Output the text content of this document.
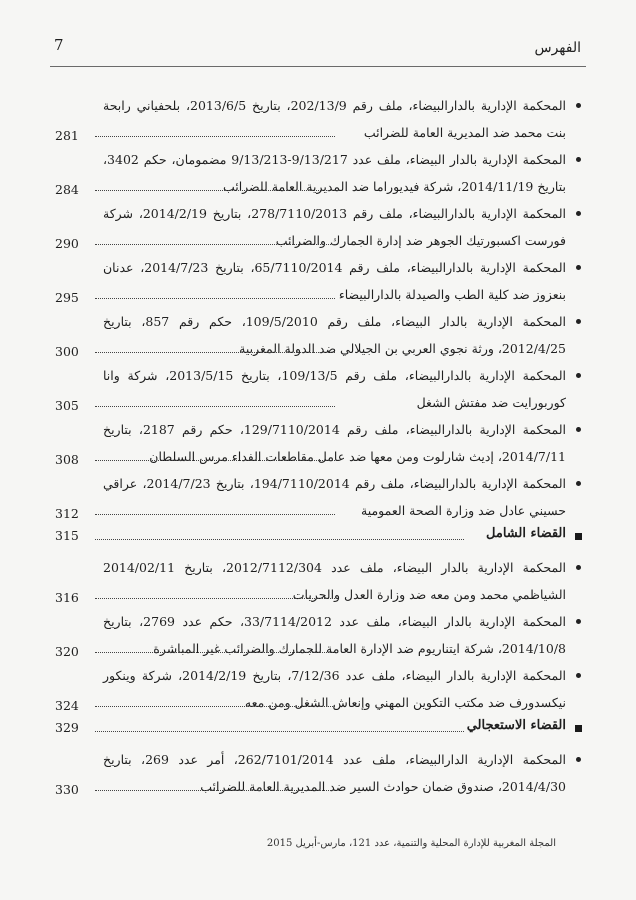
7	الفهرس
المحكمة الإدارية بالدارالبيضاء، ملف رقم 202/13/9، بتاريخ 2013/6/5، بلحفياني رابحة بنت محمد ضد المديرية العامة للضرائب
281
المحكمة الإدارية بالدار البيضاء، ملف عدد 9/13/217-9/13/213 مضمومان، حكم 3402، بتاريخ 2014/11/19، شركة فيديوراما ضد المديرية العامة للضرائب
284
المحكمة الإدارية بالدارالبيضاء، ملف رقم 278/7110/2013، بتاريخ 2014/2/19، شركة فورست اكسبورتيك الجوهر ضد إدارة الجمارك والضرائب
290
المحكمة الإدارية بالدارالبيضاء، ملف رقم 65/7110/2014، بتاريخ 2014/7/23، عدنان بنعزوز ضد كلية الطب والصيدلة بالدارالبيضاء
295
المحكمة الإدارية بالدار البيضاء، ملف رقم 109/5/2010، حكم رقم 857، بتاريخ 2012/4/25، ورثة نجوي العربي بن الجيلالي ضد الدولة المغربية
300
المحكمة الإدارية بالدارالبيضاء، ملف رقم 109/13/5، بتاريخ 2013/5/15، شركة وانا كوربورايت ضد مفتش الشغل
305
المحكمة الإدارية بالدارالبيضاء، ملف رقم 129/7110/2014، حكم رقم 2187، بتاريخ 2014/7/11، إديث شارلوت ومن معها ضد عامل مقاطعات الفداء مرس السلطان
308
المحكمة الإدارية بالدارالبيضاء، ملف رقم 194/7110/2014، بتاريخ 2014/7/23، عراقي حسيني عادل ضد وزارة الصحة العمومية
312
القضاء الشامل
315
المحكمة الإدارية بالدار البيضاء، ملف عدد 2012/7112/304، بتاريخ 2014/02/11 الشياظمي محمد ومن معه ضد وزارة العدل والحريات
316
المحكمة الإدارية بالدار البيضاء، ملف عدد 33/7114/2012، حكم عدد 2769، بتاريخ 2014/10/8، شركة ايتناريوم ضد الإدارة العامة للجمارك والضرائب غير المباشرة
320
المحكمة الإدارية بالدار البيضاء، ملف عدد 7/12/36، بتاريخ 2014/2/19، شركة وينكور نيكسدورف ضد مكتب التكوين المهني وإنعاش الشغل ومن معه
324
القضاء الاستعجالي
329
المحكمة الإدارية الدارالبيضاء، ملف عدد 262/7101/2014، أمر عدد 269، بتاريخ 2014/4/30، صندوق ضمان حوادث السير ضد المديرية العامة للضرائب
330
المجلة المغربية للإدارة المحلية والتنمية، عدد 121، مارس-أبريل 2015
